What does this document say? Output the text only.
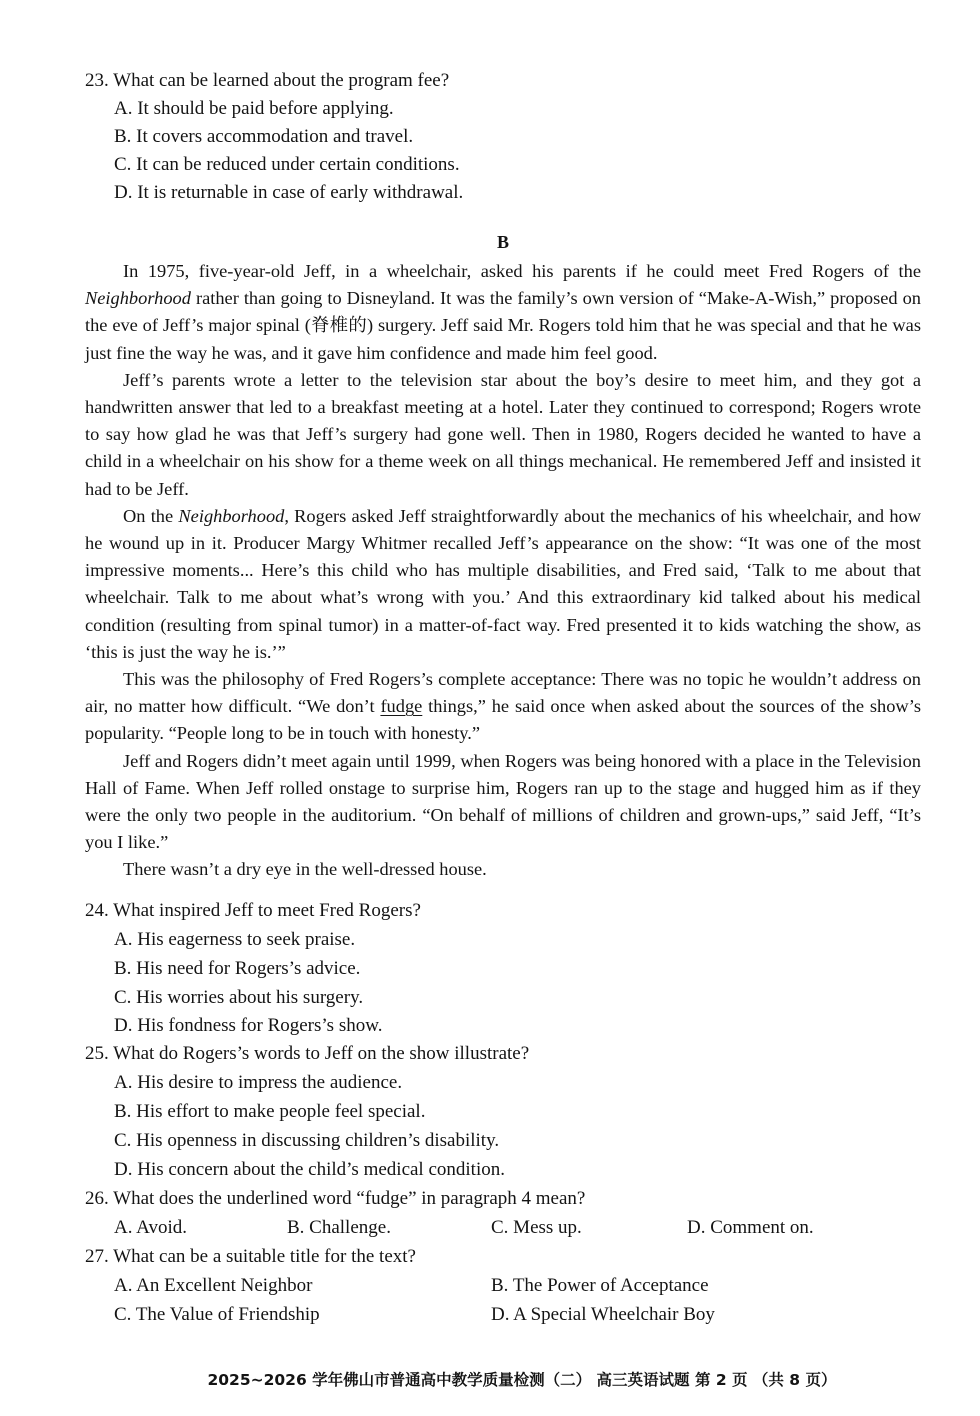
23. What can be learned about the program fee?
A. It should be paid before applying.
B. It covers accommodation and travel.
C. It can be reduced under certain conditions.
D. It is returnable in case of early withdrawal.
B

In 1975, five-year-old Jeff, in a wheelchair, asked his parents if he could meet Fred Rogers of the Neighborhood rather than going to Disneyland. It was the family’s own version of “Make-A-Wish,” proposed on the eve of Jeff’s major spinal (脊椎的) surgery. Jeff said Mr. Rogers told him that he was special and that he was just fine the way he was, and it gave him confidence and made him feel good.

Jeff’s parents wrote a letter to the television star about the boy’s desire to meet him, and they got a handwritten answer that led to a breakfast meeting at a hotel. Later they continued to correspond; Rogers wrote to say how glad he was that Jeff’s surgery had gone well. Then in 1980, Rogers decided he wanted to have a child in a wheelchair on his show for a theme week on all things mechanical. He remembered Jeff and insisted it had to be Jeff.

On the Neighborhood, Rogers asked Jeff straightforwardly about the mechanics of his wheelchair, and how he wound up in it. Producer Margy Whitmer recalled Jeff’s appearance on the show: “It was one of the most impressive moments... Here’s this child who has multiple disabilities, and Fred said, ‘Talk to me about that wheelchair. Talk to me about what’s wrong with you.’ And this extraordinary kid talked about his medical condition (resulting from spinal tumor) in a matter-of-fact way. Fred presented it to kids watching the show, as ‘this is just the way he is.’”

This was the philosophy of Fred Rogers’s complete acceptance: There was no topic he wouldn’t address on air, no matter how difficult. “We don’t fudge things,” he said once when asked about the sources of the show’s popularity. “People long to be in touch with honesty.”

Jeff and Rogers didn’t meet again until 1999, when Rogers was being honored with a place in the Television Hall of Fame. When Jeff rolled onstage to surprise him, Rogers ran up to the stage and hugged him as if they were the only two people in the auditorium. “On behalf of millions of children and grown-ups,” said Jeff, “It’s you I like.”

There wasn’t a dry eye in the well-dressed house.

24. What inspired Jeff to meet Fred Rogers?
A. His eagerness to seek praise.
B. His need for Rogers’s advice.
C. His worries about his surgery.
D. His fondness for Rogers’s show.
25. What do Rogers’s words to Jeff on the show illustrate?
A. His desire to impress the audience.
B. His effort to make people feel special.
C. His openness in discussing children’s disability.
D. His concern about the child’s medical condition.
26. What does the underlined word “fudge” in paragraph 4 mean?
A. Avoid.	B. Challenge.	C. Mess up.	D. Comment on.
27. What can be a suitable title for the text?
A. An Excellent Neighbor	B. The Power of Acceptance
C. The Value of Friendship	D. A Special Wheelchair Boy
2025~2026 学年佛山市普通高中教学质量检测（二） 高三英语试题 第 2 页 （共 8 页）
